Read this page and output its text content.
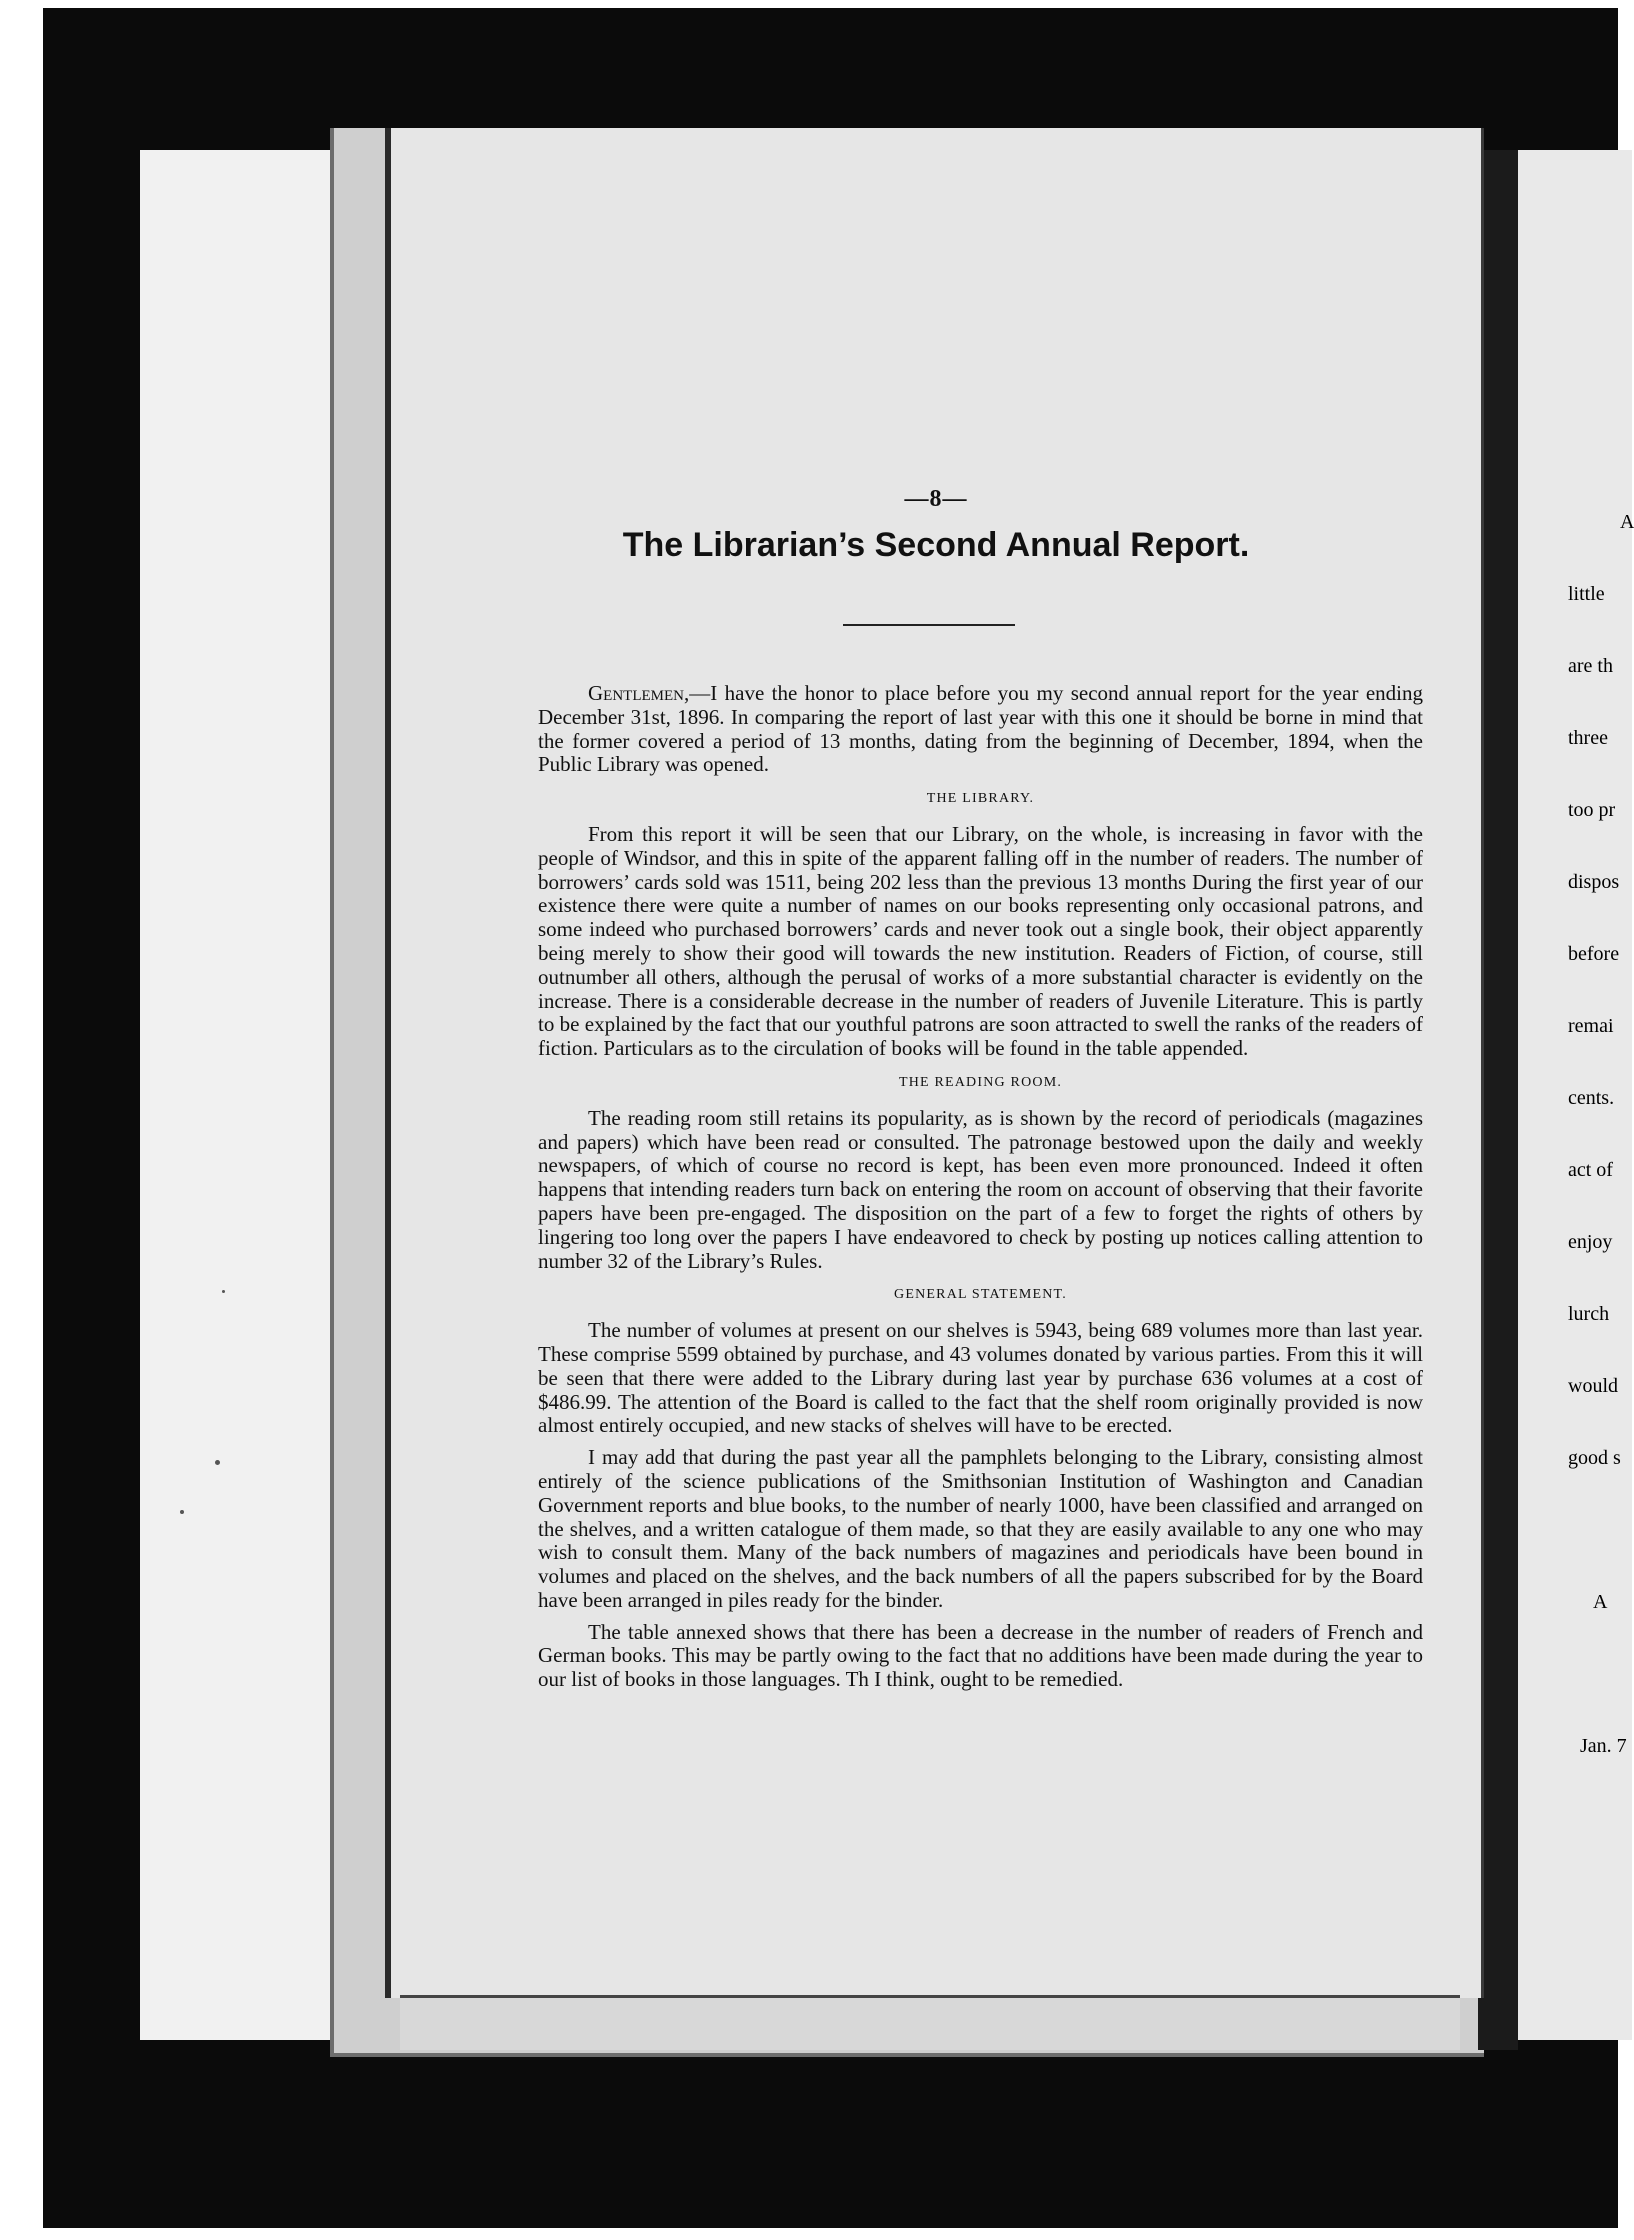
A

little

are th

three

too pr

dispos

before

remai

cents.

act of

enjoy

lurch

would

good s

A

Jan. 7

—8—
The Librarian’s Second Annual Report.

Gentlemen,—I have the honor to place before you my second annual report for the year ending December 31st, 1896. In comparing the report of last year with this one it should be borne in mind that the former covered a period of 13 months, dating from the beginning of December, 1894, when the Public Library was opened.

THE LIBRARY.

From this report it will be seen that our Library, on the whole, is increasing in favor with the people of Windsor, and this in spite of the apparent falling off in the number of readers. The number of borrowers’ cards sold was 1511, being 202 less than the previous 13 months During the first year of our existence there were quite a number of names on our books representing only occasional patrons, and some indeed who purchased borrowers’ cards and never took out a single book, their object apparently being merely to show their good will towards the new institution. Readers of Fiction, of course, still outnumber all others, although the perusal of works of a more substantial character is evidently on the increase. There is a considerable decrease in the number of readers of Juvenile Literature. This is partly to be explained by the fact that our youthful patrons are soon attracted to swell the ranks of the readers of fiction. Particulars as to the circulation of books will be found in the table appended.

THE READING ROOM.

The reading room still retains its popularity, as is shown by the record of periodicals (magazines and papers) which have been read or consulted. The patronage bestowed upon the daily and weekly newspapers, of which of course no record is kept, has been even more pronounced. Indeed it often happens that intending readers turn back on entering the room on account of observing that their favorite papers have been pre-engaged. The disposition on the part of a few to forget the rights of others by lingering too long over the papers I have endeavored to check by posting up notices calling attention to number 32 of the Library’s Rules.

GENERAL STATEMENT.

The number of volumes at present on our shelves is 5943, being 689 volumes more than last year. These comprise 5599 obtained by purchase, and 43 volumes donated by various parties. From this it will be seen that there were added to the Library during last year by purchase 636 volumes at a cost of $486.99. The attention of the Board is called to the fact that the shelf room originally provided is now almost entirely occupied, and new stacks of shelves will have to be erected.

I may add that during the past year all the pamphlets belonging to the Library, consisting almost entirely of the science publications of the Smithsonian Institution of Washington and Canadian Government reports and blue books, to the number of nearly 1000, have been classified and arranged on the shelves, and a written catalogue of them made, so that they are easily available to any one who may wish to consult them. Many of the back numbers of magazines and periodicals have been bound in volumes and placed on the shelves, and the back numbers of all the papers subscribed for by the Board have been arranged in piles ready for the binder.

The table annexed shows that there has been a decrease in the number of readers of French and German books. This may be partly owing to the fact that no additions have been made during the year to our list of books in those languages. Th I think, ought to be remedied.
